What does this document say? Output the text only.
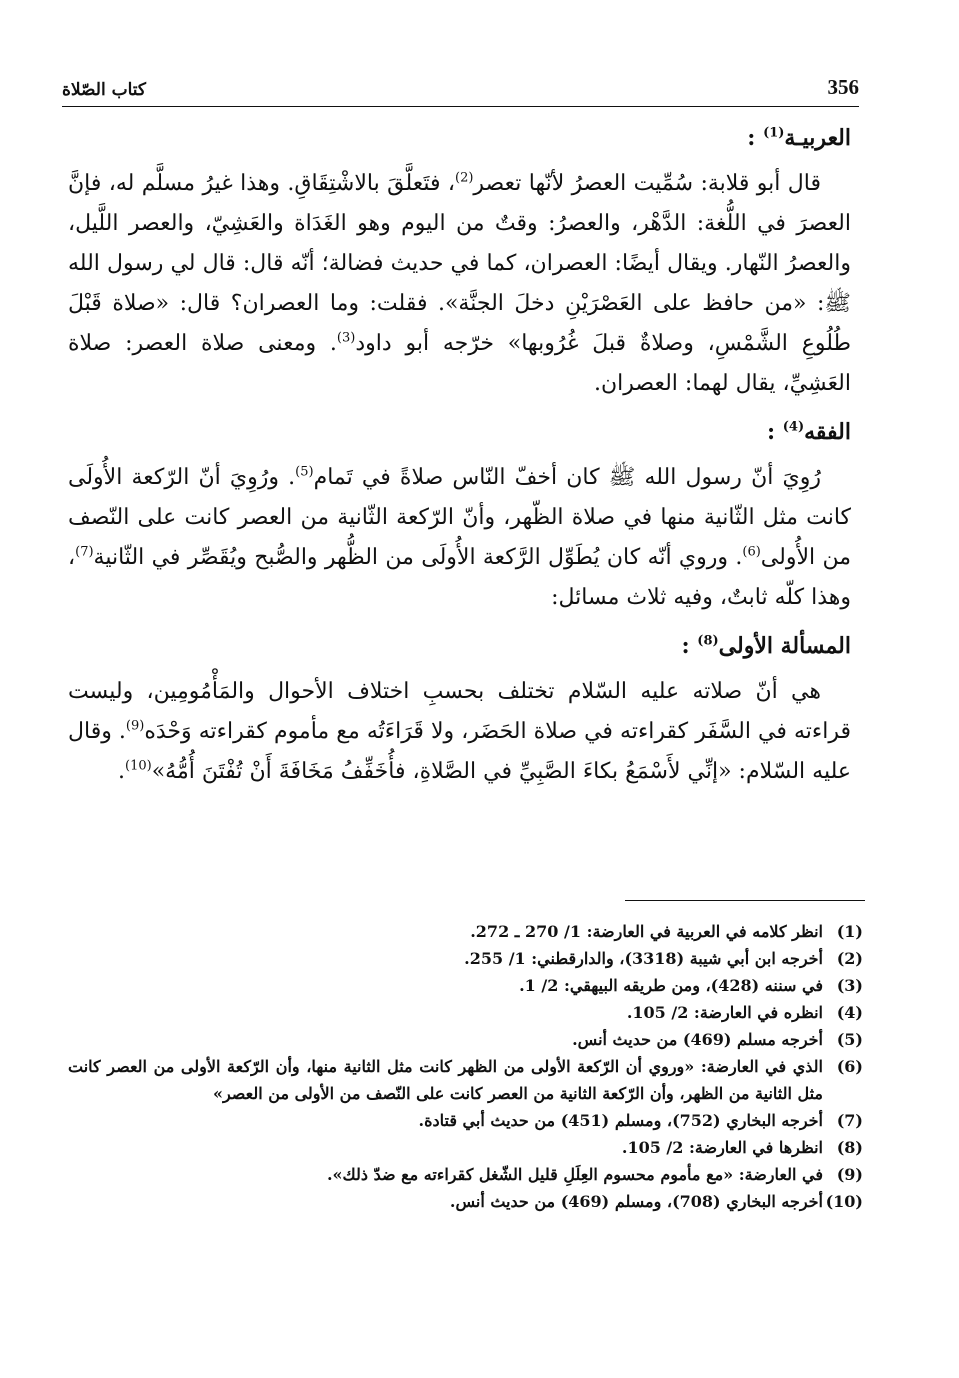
356
كتاب الصّلاة
العربيـة$^{(1)}$ :

قال أبو قلابة: سُمِّيت العصرُ لأنّها تعصر$^{(2)}$، فتَعلَّقَ بالاشْتِقَاقِ. وهذا غيرُ مسلَّم له، فإنَّ العصرَ في اللُّغة: الدَّهْر، والعصرُ: وقتٌ من اليوم وهو الغَدَاة والعَشِيّ، والعصر اللَّيل، والعصرُ النّهار. ويقال أيضًا: العصران، كما في حديث فضالة؛ أنّه قال: قال لي رسول الله ﷺ: «من حافظ على العَصْرَيْنِ دخلَ الجنَّة». فقلت: وما العصران؟ قال: «صلاة قَبْلَ طُلُوعِ الشَّمْسِ، وصلاةٌ قبلَ غُرُوبها» خرّجه أبو داود$^{(3)}$. ومعنى صلاة العصر: صلاة العَشِيِّ، يقال لهما: العصران.

الفقه$^{(4)}$ :

رُوِيَ أنّ رسول الله ﷺ كان أخفّ النّاس صلاةً في تَمام$^{(5)}$. ورُوِيَ أنّ الرّكعة الأُولَى كانت مثل الثّانية منها في صلاة الظّهر، وأنّ الرّكعة الثّانية من العصر كانت على النّصف من الأُولى$^{(6)}$. وروي أنّه كان يُطَوِّل الرَّكعة الأُولَى من الظُّهر والصُّبح ويُقَصِّر في الثّانية$^{(7)}$، وهذا كلّه ثابتٌ، وفيه ثلاث مسائل:

المسألة الأولى$^{(8)}$ :

هي أنّ صلاته عليه السّلام تختلف بحسبِ اختلاف الأحوال والمَأْمُومِين، وليست قراءته في السَّفَر كقراءته في صلاة الحَضَر، ولا قَرَاءَتُه مع مأموم كقراءته وَحْدَه$^{(9)}$. وقال عليه السّلام: «إنِّي لأَسْمَعُ بكاءَ الصَّبِيِّ في الصَّلاةِ، فأُخَفِّفُ مَخَافَةَ أَنْ تُفْتَنَ أُمُّهُ»$^{(10)}$.

(1)
انظر كلامه في العربية في العارضة: 1/ 270 ـ 272.
(2)
أخرجه ابن أبي شيبة (3318)، والدارقطني: 1/ 255.
(3)
في سننه (428)، ومن طريقه البيهقي: 2/ 1.
(4)
انظره في العارضة: 2/ 105.
(5)
أخرجه مسلم (469) من حديث أنس.
(6)
الذي في العارضة: «وروي أن الرّكعة الأولى من الظهر كانت مثل الثانية منها، وأن الرّكعة الأولى من العصر كانت مثل الثانية من الظهر، وأن الرّكعة الثانية من العصر كانت على النّصف من الأولى من العصر»
(7)
أخرجه البخاري (752)، ومسلم (451) من حديث أبي قتادة.
(8)
انظرها في العارضة: 2/ 105.
(9)
في العارضة: «مع مأموم محسوم العِلَلِ قليل الشّغل كقراءته مع ضدّ ذلك».
(10)
أخرجه البخاري (708)، ومسلم (469) من حديث أنس.
